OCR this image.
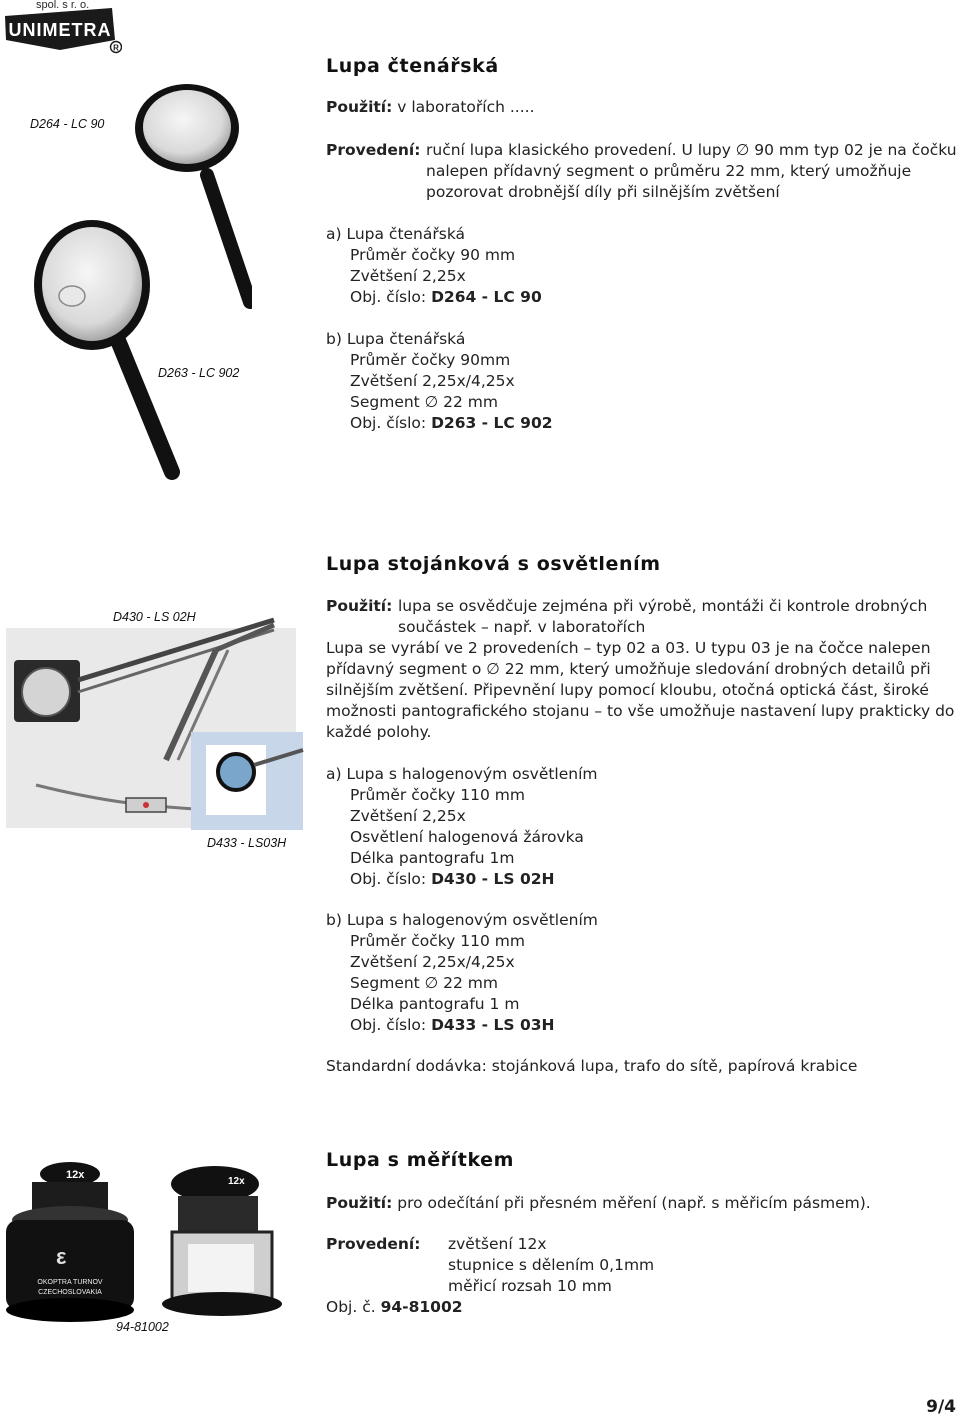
spol. s r. o.
UNIMETRA
R
Lupa čtenářská
D264 - LC 90
D263 - LC 902
Použití: v laboratořích .....
Provedení: ruční lupa klasického provedení. U lupy ∅ 90 mm typ 02 je na čočku
nalepen přídavný segment o průměru 22 mm, který umožňuje
pozorovat drobnější díly při silnějším zvětšení
a) Lupa čtenářská
Průměr čočky 90 mm
Zvětšení 2,25x
Obj. číslo: D264 - LC 90
b) Lupa čtenářská
Průměr čočky 90mm
Zvětšení 2,25x/4,25x
Segment ∅ 22 mm
Obj. číslo: D263 - LC 902
Lupa stojánková s osvětlením
D430 - LS 02H
D433 - LS03H
Použití: lupa se osvědčuje zejména při výrobě, montáži či kontrole drobných
součástek – např. v laboratořích
Lupa se vyrábí ve 2 provedeních – typ 02 a 03. U typu 03 je na čočce nalepen
přídavný segment o ∅ 22 mm, který umožňuje sledování drobných detailů při
silnějším zvětšení. Připevnění lupy pomocí kloubu, otočná optická část, široké
možnosti pantografického stojanu – to vše umožňuje nastavení lupy prakticky do
každé polohy.
a) Lupa s halogenovým osvětlením
Průměr čočky 110 mm
Zvětšení 2,25x
Osvětlení halogenová žárovka
Délka pantografu 1m
Obj. číslo: D430 - LS 02H
b) Lupa s halogenovým osvětlením
Průměr čočky 110 mm
Zvětšení 2,25x/4,25x
Segment ∅ 22 mm
Délka pantografu 1 m
Obj. číslo: D433 - LS 03H
Standardní dodávka: stojánková lupa, trafo do sítě, papírová krabice
Lupa s měřítkem
94-81002
12x
ε
OKOPTRA TURNOV
CZECHOSLOVAKIA
12x
Použití: pro odečítání při přesném měření (např. s měřicím pásmem).
Provedení: zvětšení 12x
stupnice s dělením 0,1mm
měřicí rozsah 10 mm
Obj. č. 94-81002
9/4
